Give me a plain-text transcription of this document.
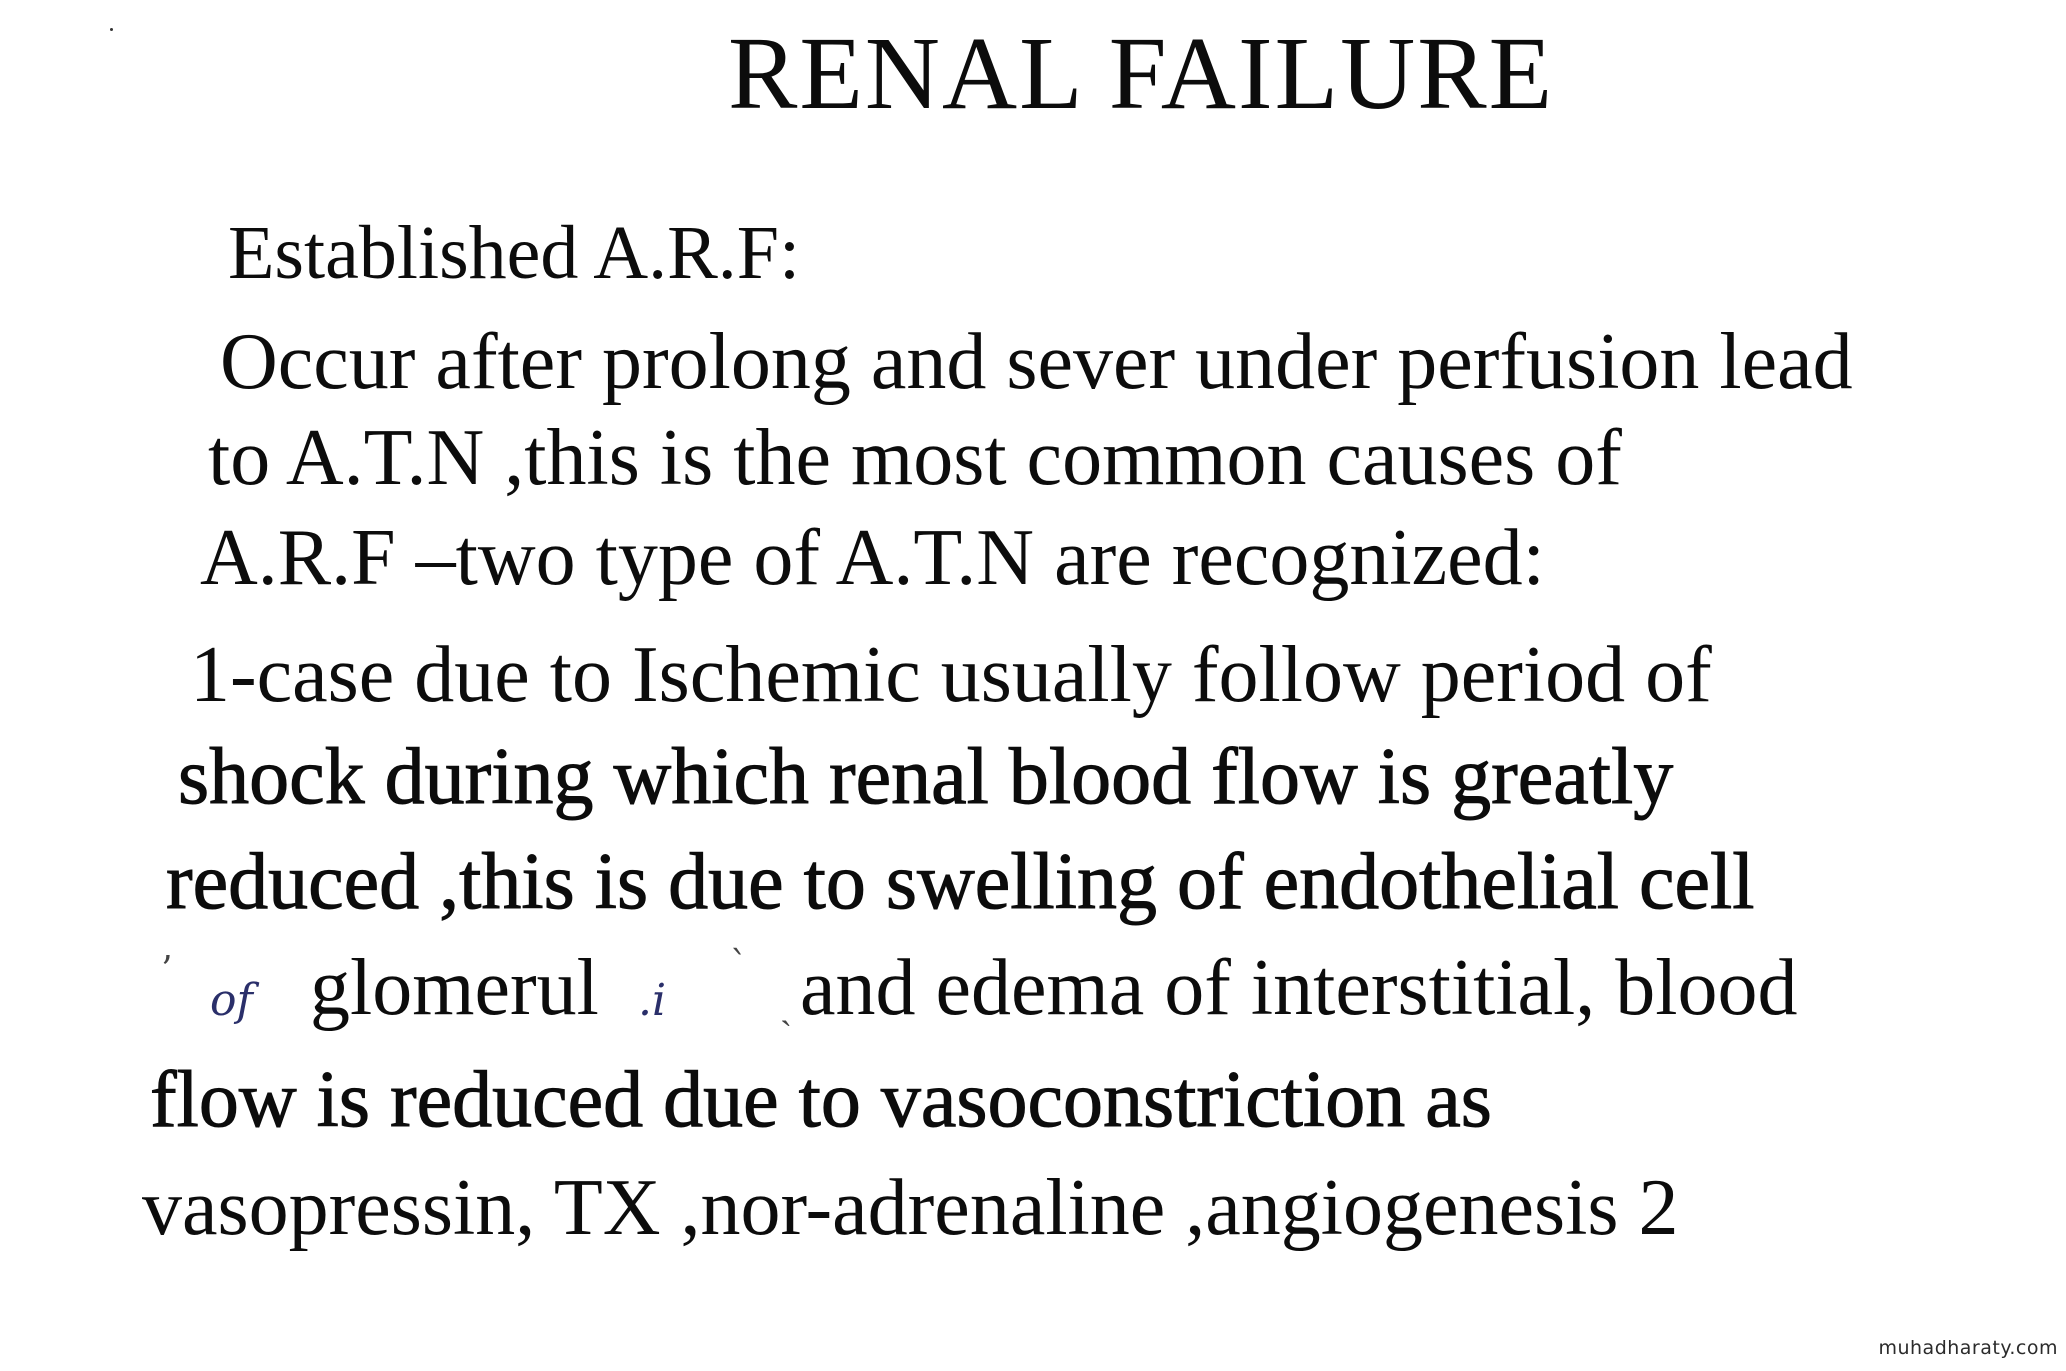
RENAL FAILURE
Established A.R.F:
Occur after prolong and sever under perfusion lead
to A.T.N ,this is the most common causes of
A.R.F –two type of A.T.N are recognized:
1-case due to Ischemic usually follow period of
shock during which renal blood flow is greatly
reduced ,this is due to swelling of endothelial cell
ʼ
of glomerul .i
ˋ
ˏ and edema of interstitial, blood
flow is reduced due to vasoconstriction as
vasopressin, TX ,nor-adrenaline ,angiogenesis 2
muhadharaty.com
